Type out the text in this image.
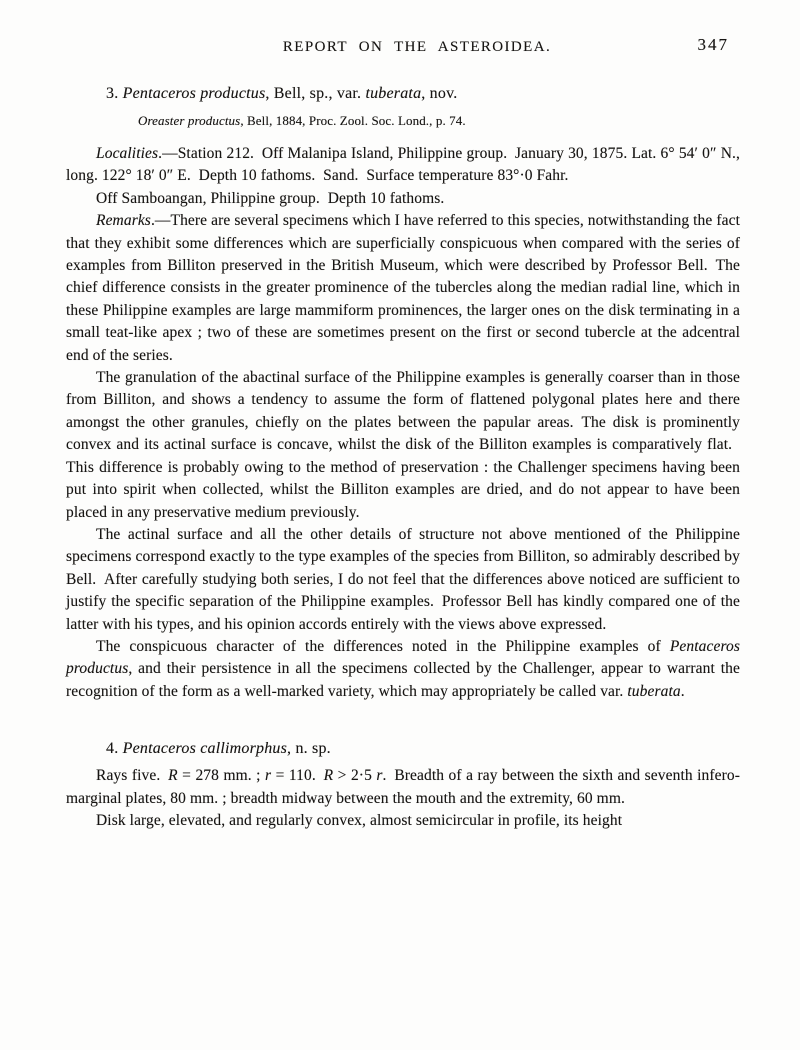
REPORT ON THE ASTEROIDEA.	347
3. Pentaceros productus, Bell, sp., var. tuberata, nov.
Oreaster productus, Bell, 1884, Proc. Zool. Soc. Lond., p. 74.

Localities.—Station 212. Off Malanipa Island, Philippine group. January 30, 1875. Lat. 6° 54′ 0″ N., long. 122° 18′ 0″ E. Depth 10 fathoms. Sand. Surface temperature 83°·0 Fahr.

Off Samboangan, Philippine group. Depth 10 fathoms.

Remarks.—There are several specimens which I have referred to this species, notwithstanding the fact that they exhibit some differences which are superficially conspicuous when compared with the series of examples from Billiton preserved in the British Museum, which were described by Professor Bell. The chief difference consists in the greater prominence of the tubercles along the median radial line, which in these Philippine examples are large mammiform prominences, the larger ones on the disk terminating in a small teat-like apex ; two of these are sometimes present on the first or second tubercle at the adcentral end of the series.

The granulation of the abactinal surface of the Philippine examples is generally coarser than in those from Billiton, and shows a tendency to assume the form of flattened polygonal plates here and there amongst the other granules, chiefly on the plates between the papular areas. The disk is prominently convex and its actinal surface is concave, whilst the disk of the Billiton examples is comparatively flat. This difference is probably owing to the method of preservation : the Challenger specimens having been put into spirit when collected, whilst the Billiton examples are dried, and do not appear to have been placed in any preservative medium previously.

The actinal surface and all the other details of structure not above mentioned of the Philippine specimens correspond exactly to the type examples of the species from Billiton, so admirably described by Bell. After carefully studying both series, I do not feel that the differences above noticed are sufficient to justify the specific separation of the Philippine examples. Professor Bell has kindly compared one of the latter with his types, and his opinion accords entirely with the views above expressed.

The conspicuous character of the differences noted in the Philippine examples of Pentaceros productus, and their persistence in all the specimens collected by the Challenger, appear to warrant the recognition of the form as a well-marked variety, which may appropriately be called var. tuberata.

4. Pentaceros callimorphus, n. sp.

Rays five. R = 278 mm. ; r = 110. R > 2·5 r. Breadth of a ray between the sixth and seventh infero-marginal plates, 80 mm. ; breadth midway between the mouth and the extremity, 60 mm.

Disk large, elevated, and regularly convex, almost semicircular in profile, its height
